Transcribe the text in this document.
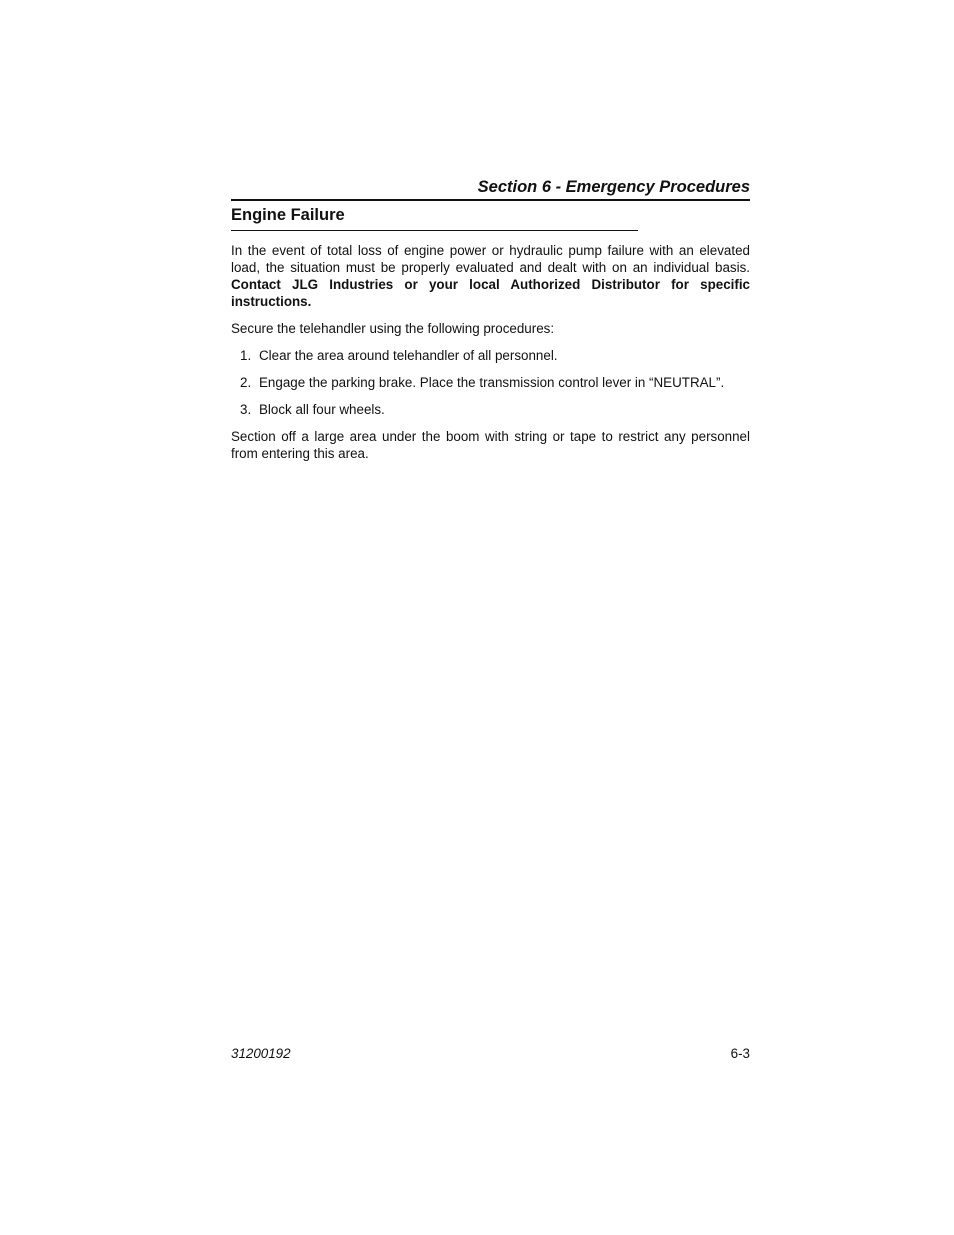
Section 6 - Emergency Procedures
Engine Failure

In the event of total loss of engine power or hydraulic pump failure with an elevated load, the situation must be properly evaluated and dealt with on an individual basis. Contact JLG Industries or your local Authorized Distributor for specific instructions.

Secure the telehandler using the following procedures:

1. Clear the area around telehandler of all personnel.
2. Engage the parking brake. Place the transmission control lever in “NEUTRAL”.
3. Block all four wheels.

Section off a large area under the boom with string or tape to restrict any personnel from entering this area.

31200192	6-3
